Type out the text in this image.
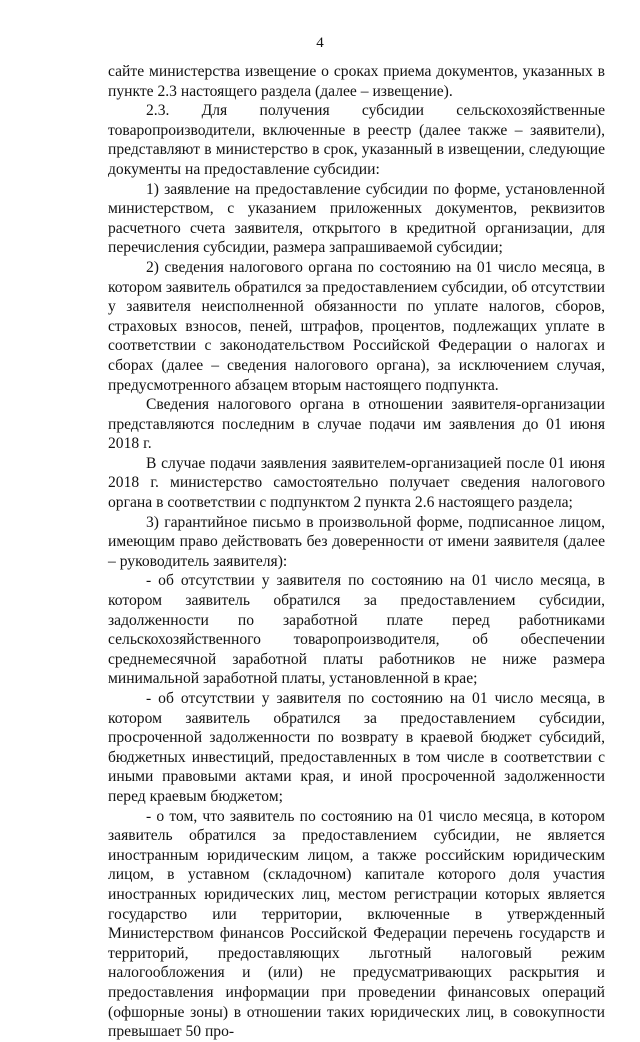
4

сайте министерства извещение о сроках приема документов, указанных в пункте 2.3 настоящего раздела (далее – извещение).

2.3. Для получения субсидии сельскохозяйственные товаропроизводители, включенные в реестр (далее также – заявители), представляют в министерство в срок, указанный в извещении, следующие документы на предоставление субсидии:

1) заявление на предоставление субсидии по форме, установленной министерством, с указанием приложенных документов, реквизитов расчетного счета заявителя, открытого в кредитной организации, для перечисления субсидии, размера запрашиваемой субсидии;

2) сведения налогового органа по состоянию на 01 число месяца, в котором заявитель обратился за предоставлением субсидии, об отсутствии у заявителя неисполненной обязанности по уплате налогов, сборов, страховых взносов, пеней, штрафов, процентов, подлежащих уплате в соответствии с законодательством Российской Федерации о налогах и сборах (далее – сведения налогового органа), за исключением случая, предусмотренного абзацем вторым настоящего подпункта.

Сведения налогового органа в отношении заявителя-организации представляются последним в случае подачи им заявления до 01 июня 2018 г.

В случае подачи заявления заявителем-организацией после 01 июня 2018 г. министерство самостоятельно получает сведения налогового органа в соответствии с подпунктом 2 пункта 2.6 настоящего раздела;

3) гарантийное письмо в произвольной форме, подписанное лицом, имеющим право действовать без доверенности от имени заявителя (далее – руководитель заявителя):

- об отсутствии у заявителя по состоянию на 01 число месяца, в котором заявитель обратился за предоставлением субсидии, задолженности по заработной плате перед работниками сельскохозяйственного товаропроизводителя, об обеспечении среднемесячной заработной платы работников не ниже размера минимальной заработной платы, установленной в крае;

- об отсутствии у заявителя по состоянию на 01 число месяца, в котором заявитель обратился за предоставлением субсидии, просроченной задолженности по возврату в краевой бюджет субсидий, бюджетных инвестиций, предоставленных в том числе в соответствии с иными правовыми актами края, и иной просроченной задолженности перед краевым бюджетом;

- о том, что заявитель по состоянию на 01 число месяца, в котором заявитель обратился за предоставлением субсидии, не является иностранным юридическим лицом, а также российским юридическим лицом, в уставном (складочном) капитале которого доля участия иностранных юридических лиц, местом регистрации которых является государство или территории, включенные в утвержденный Министерством финансов Российской Федерации перечень государств и территорий, предоставляющих льготный налоговый режим налогообложения и (или) не предусматривающих раскрытия и предоставления информации при проведении финансовых операций (офшорные зоны) в отношении таких юридических лиц, в совокупности превышает 50 про-
